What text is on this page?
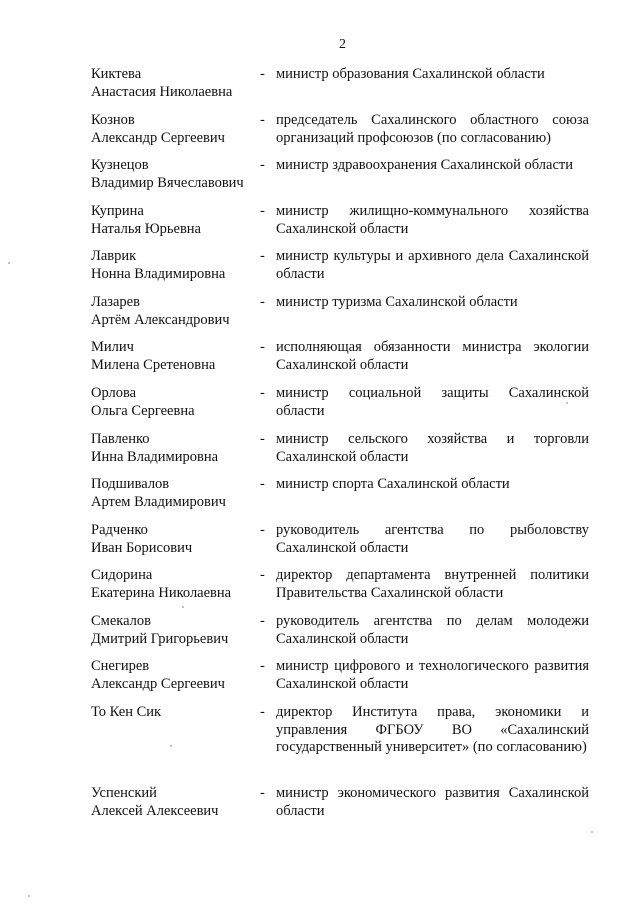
2
Киктева
Анастасия Николаевна
- министр образования Сахалинской области
Кознов
Александр Сергеевич
- председатель Сахалинского областного союза организаций профсоюзов (по согласованию)
Кузнецов
Владимир Вячеславович
- министр здравоохранения Сахалинской области
Куприна
Наталья Юрьевна
- министр жилищно-коммунального хозяйства Сахалинской области
Лаврик
Нонна Владимировна
- министр культуры и архивного дела Сахалинской области
Лазарев
Артём Александрович
- министр туризма Сахалинской области
Милич
Милена Сретеновна
- исполняющая обязанности министра экологии Сахалинской области
Орлова
Ольга Сергеевна
- министр социальной защиты Сахалинской области
Павленко
Инна Владимировна
- министр сельского хозяйства и торговли Сахалинской области
Подшивалов
Артем Владимирович
- министр спорта Сахалинской области
Радченко
Иван Борисович
- руководитель агентства по рыболовству Сахалинской области
Сидорина
Екатерина Николаевна
- директор департамента внутренней политики Правительства Сахалинской области
Смекалов
Дмитрий Григорьевич
- руководитель агентства по делам молодежи Сахалинской области
Снегирев
Александр Сергеевич
- министр цифрового и технологического развития Сахалинской области
То Кен Сик	- директор Института права, экономики и управления ФГБОУ ВО «Сахалинский государственный университет» (по согласованию)
Успенский
Алексей Алексеевич
- министр экономического развития Сахалинской области
